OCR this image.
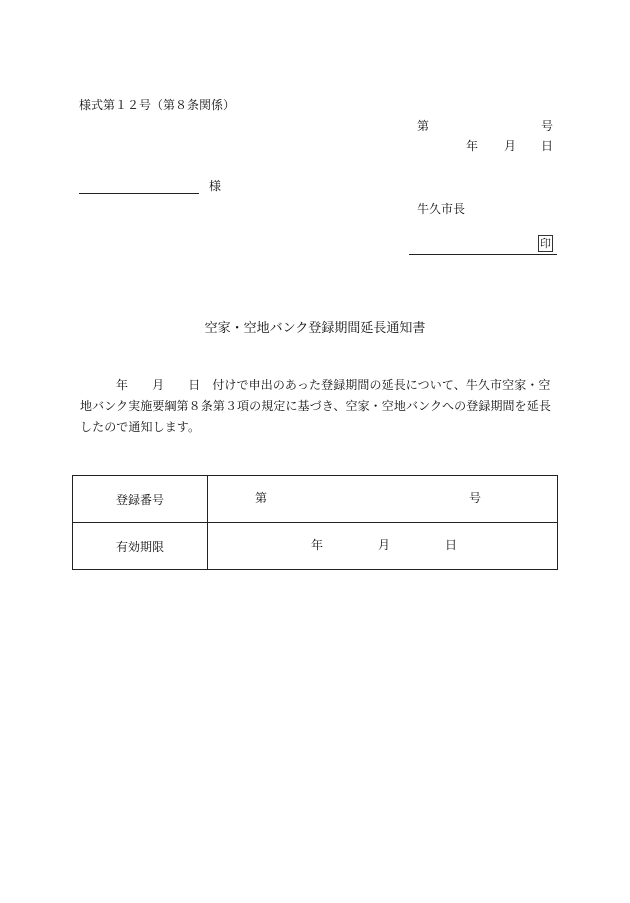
様式第１２号（第８条関係）
第	号
年 月 日
様
牛久市長
印
空家・空地バンク登録期間延長通知書
年 月 日 付けで申出のあった登録期間の延長について、牛久市空家・空地バンク実施要綱第８条第３項の規定に基づき、空家・空地バンクへの登録期間を延長したので通知します。
登録番号	第 号

有効期限	年 月 日
